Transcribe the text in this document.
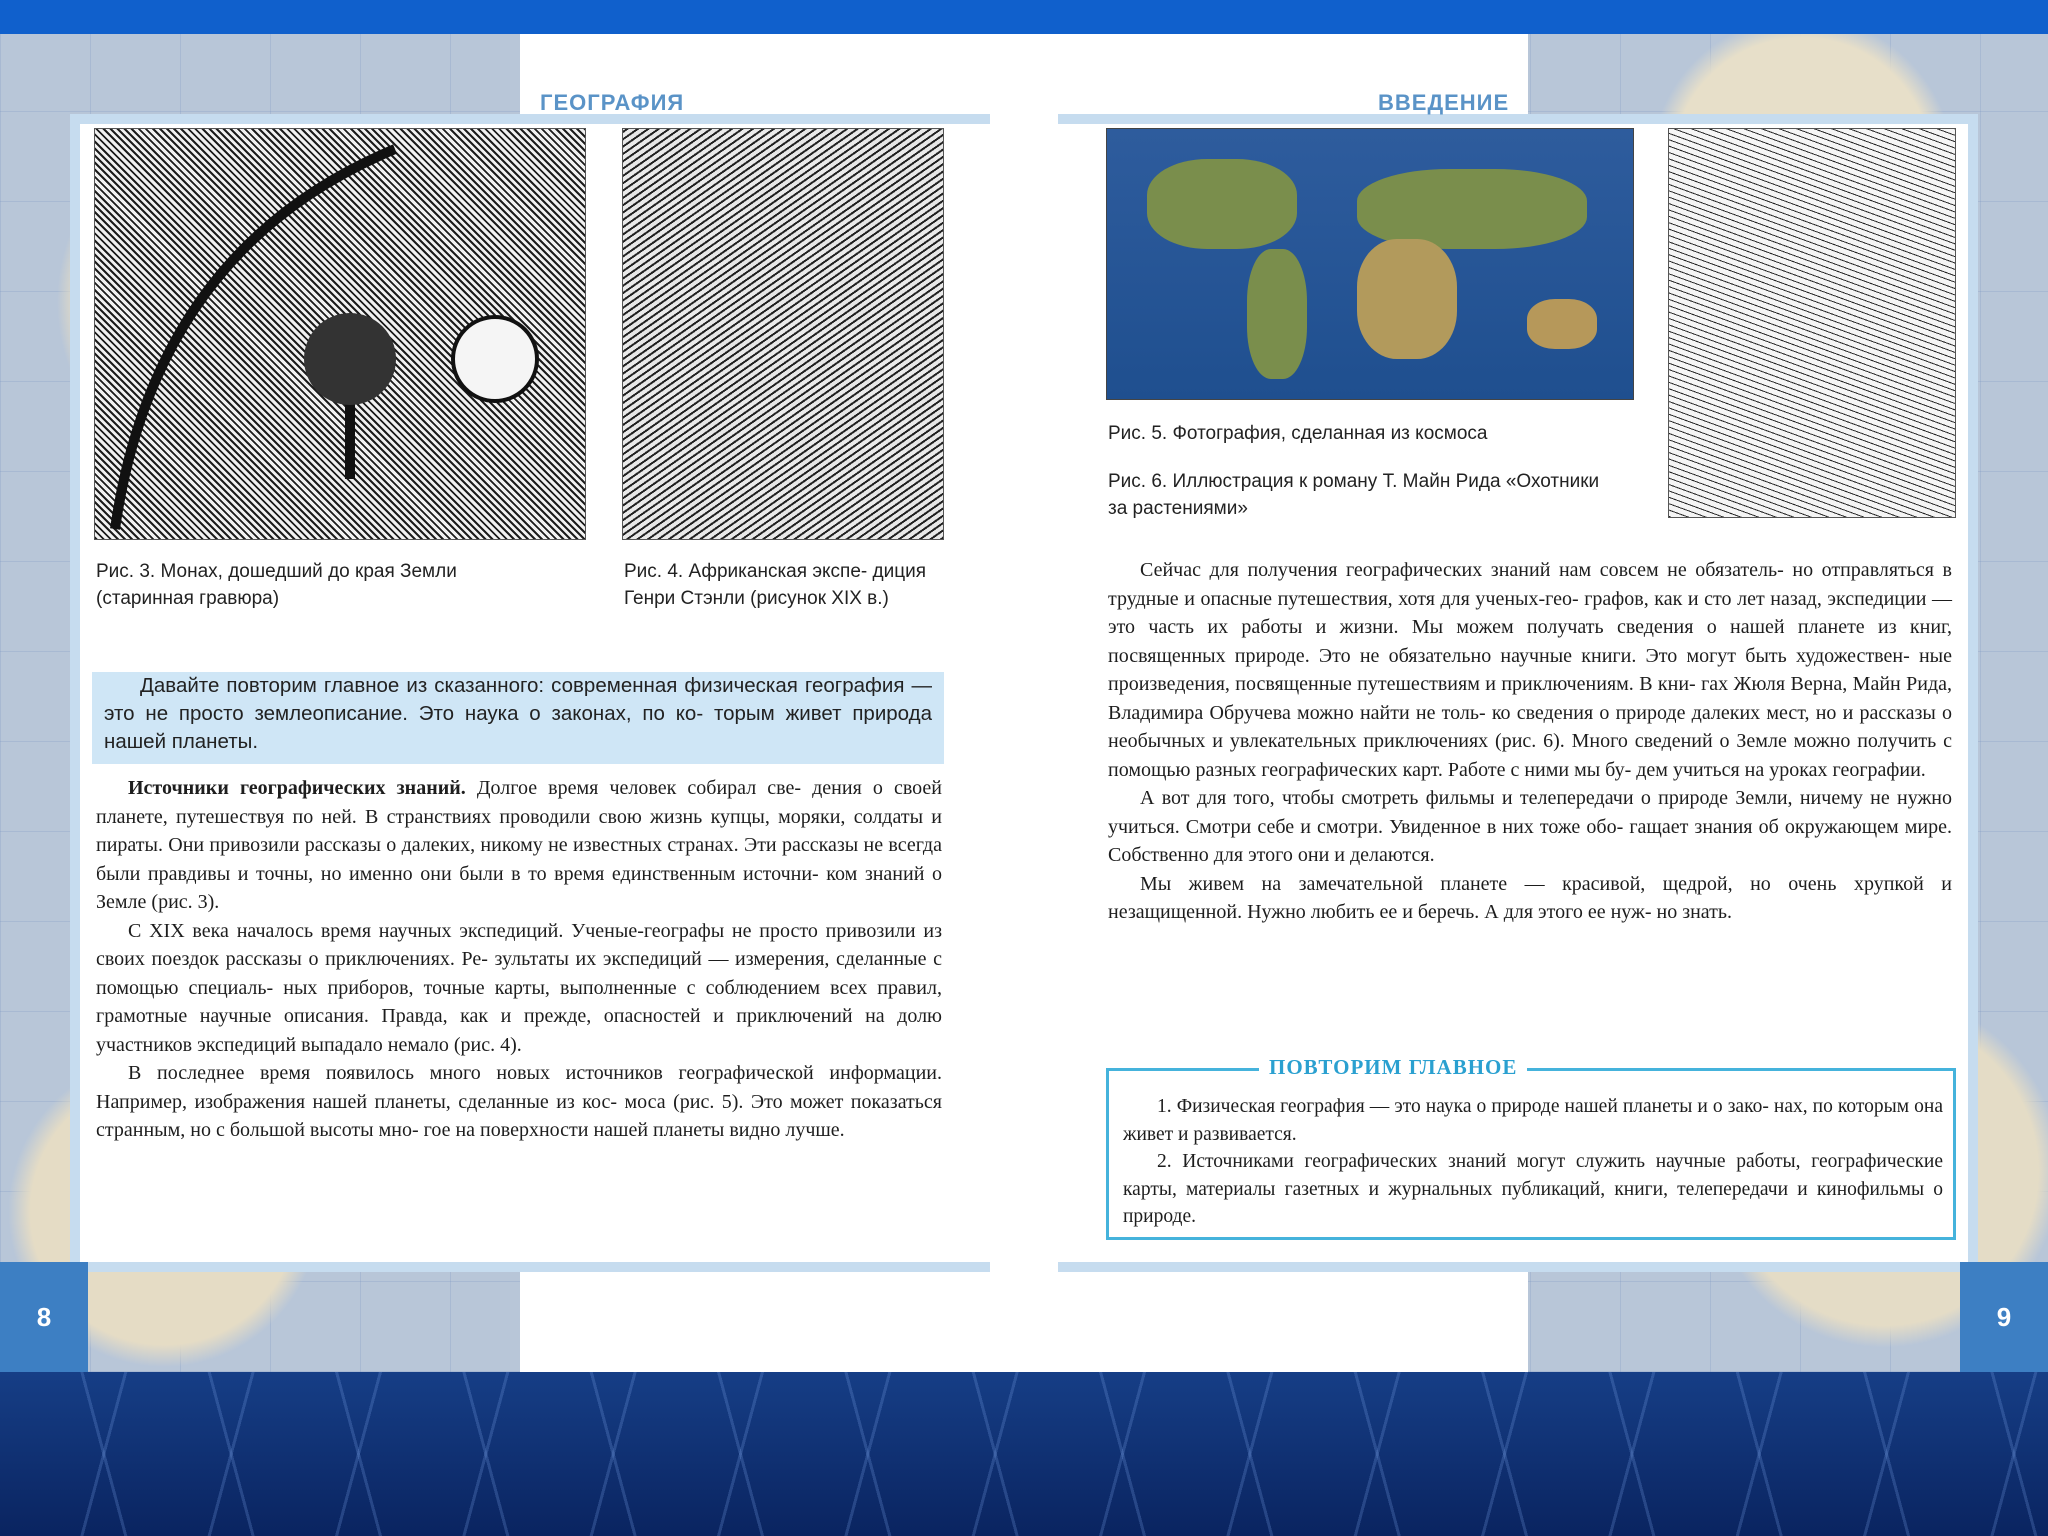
ГЕОГРАФИЯ
8
Рис. 3. Монах, дошедший до края Земли (старинная гравюра)
Рис. 4. Африканская экспе- диция Генри Стэнли (рисунок XIX в.)
Давайте повторим главное из сказанного: современная физическая география — это не просто землеописание. Это наука о законах, по ко- торым живет природа нашей планеты.

Источники географических знаний. Долгое время человек собирал све- дения о своей планете, путешествуя по ней. В странствиях проводили свою жизнь купцы, моряки, солдаты и пираты. Они привозили рассказы о далеких, никому не известных странах. Эти рассказы не всегда были правдивы и точны, но именно они были в то время единственным источни- ком знаний о Земле (рис. 3).

С XIX века началось время научных экспедиций. Ученые-географы не просто привозили из своих поездок рассказы о приключениях. Ре- зультаты их экспедиций — измерения, сделанные с помощью специаль- ных приборов, точные карты, выполненные с соблюдением всех правил, грамотные научные описания. Правда, как и прежде, опасностей и приключений на долю участников экспедиций выпадало немало (рис. 4).

В последнее время появилось много новых источников географической информации. Например, изображения нашей планеты, сделанные из кос- моса (рис. 5). Это может показаться странным, но с большой высоты мно- гое на поверхности нашей планеты видно лучше.

ВВЕДЕНИЕ
9
Рис. 5. Фотография, сделанная из космоса
Рис. 6. Иллюстрация к роману Т. Майн Рида «Охотники за растениями»

Сейчас для получения географических знаний нам совсем не обязатель- но отправляться в трудные и опасные путешествия, хотя для ученых-гео- графов, как и сто лет назад, экспедиции — это часть их работы и жизни. Мы можем получать сведения о нашей планете из книг, посвященных природе. Это не обязательно научные книги. Это могут быть художествен- ные произведения, посвященные путешествиям и приключениям. В кни- гах Жюля Верна, Майн Рида, Владимира Обручева можно найти не толь- ко сведения о природе далеких мест, но и рассказы о необычных и увлекательных приключениях (рис. 6). Много сведений о Земле можно получить с помощью разных географических карт. Работе с ними мы бу- дем учиться на уроках географии.

А вот для того, чтобы смотреть фильмы и телепередачи о природе Земли, ничему не нужно учиться. Смотри себе и смотри. Увиденное в них тоже обо- гащает знания об окружающем мире. Собственно для этого они и делаются.

Мы живем на замечательной планете — красивой, щедрой, но очень хрупкой и незащищенной. Нужно любить ее и беречь. А для этого ее нуж- но знать.

ПОВТОРИМ ГЛАВНОЕ

1. Физическая география — это наука о природе нашей планеты и о зако- нах, по которым она живет и развивается.

2. Источниками географических знаний могут служить научные работы, географические карты, материалы газетных и журнальных публикаций, книги, телепередачи и кинофильмы о природе.
